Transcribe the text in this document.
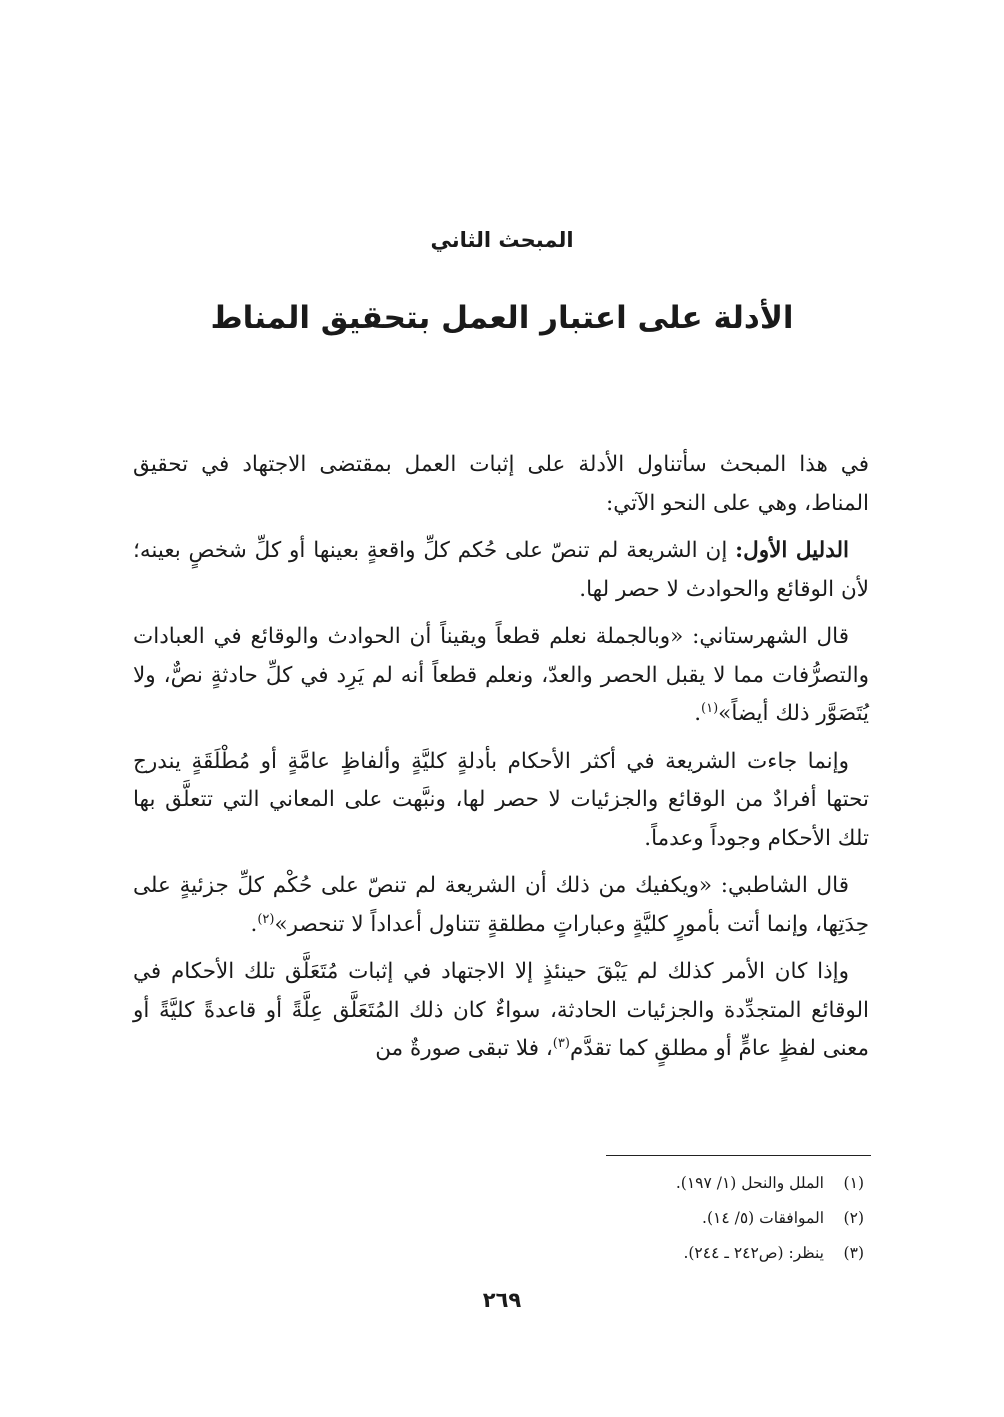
المبحث الثاني
الأدلة على اعتبار العمل بتحقيق المناط

في هذا المبحث سأتناول الأدلة على إثبات العمل بمقتضى الاجتهاد في تحقيق المناط، وهي على النحو الآتي:

الدليل الأول: إن الشريعة لم تنصّ على حُكم كلِّ واقعةٍ بعينها أو كلِّ شخصٍ بعينه؛ لأن الوقائع والحوادث لا حصر لها.

قال الشهرستاني: «وبالجملة نعلم قطعاً ويقيناً أن الحوادث والوقائع في العبادات والتصرُّفات مما لا يقبل الحصر والعدّ، ونعلم قطعاً أنه لم يَرِد في كلِّ حادثةٍ نصٌّ، ولا يُتَصَوَّر ذلك أيضاً»$^{(١)}$.

وإنما جاءت الشريعة في أكثر الأحكام بأدلةٍ كليَّةٍ وألفاظٍ عامَّةٍ أو مُطْلَقَةٍ يندرج تحتها أفرادٌ من الوقائع والجزئيات لا حصر لها، ونبَّهت على المعاني التي تتعلَّق بها تلك الأحكام وجوداً وعدماً.

قال الشاطبي: «ويكفيك من ذلك أن الشريعة لم تنصّ على حُكْم كلِّ جزئيةٍ على حِدَتِها، وإنما أتت بأمورٍ كليَّةٍ وعباراتٍ مطلقةٍ تتناول أعداداً لا تنحصر»$^{(٢)}$.

وإذا كان الأمر كذلك لم يَبْقَ حينئذٍ إلا الاجتهاد في إثبات مُتَعَلَّق تلك الأحكام في الوقائع المتجدِّدة والجزئيات الحادثة، سواءٌ كان ذلك المُتَعَلَّق عِلَّةً أو قاعدةً كليَّةً أو معنى لفظٍ عامٍّ أو مطلقٍ كما تقدَّم$^{(٣)}$، فلا تبقى صورةٌ من

(١)الملل والنحل (١/ ١٩٧).
(٢)الموافقات (٥/ ١٤).
(٣)ينظر: (ص٢٤٢ ـ ٢٤٤).
٢٦٩
